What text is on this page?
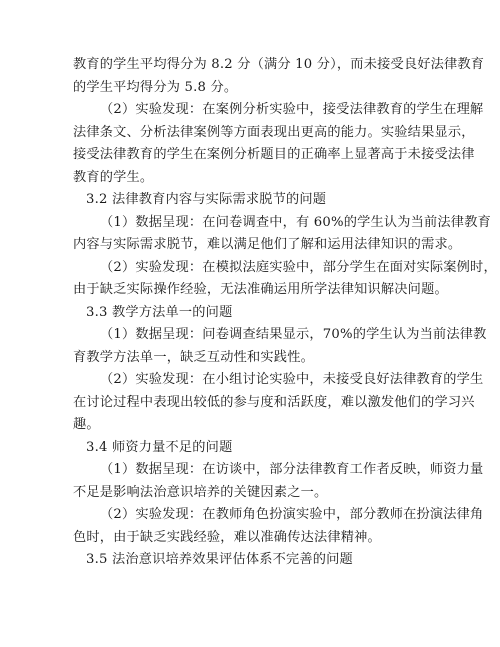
教育的学生平均得分为 8.2 分（满分 10 分），而未接受良好法律教育
的学生平均得分为 5.8 分。
（2）实验发现：在案例分析实验中，接受法律教育的学生在理解
法律条文、分析法律案例等方面表现出更高的能力。实验结果显示，
接受法律教育的学生在案例分析题目的正确率上显著高于未接受法律
教育的学生。
3.2 法律教育内容与实际需求脱节的问题
（1）数据呈现：在问卷调查中，有 60%的学生认为当前法律教育
内容与实际需求脱节，难以满足他们了解和运用法律知识的需求。
（2）实验发现：在模拟法庭实验中，部分学生在面对实际案例时，
由于缺乏实际操作经验，无法准确运用所学法律知识解决问题。
3.3 教学方法单一的问题
（1）数据呈现：问卷调查结果显示，70%的学生认为当前法律教
育教学方法单一，缺乏互动性和实践性。
（2）实验发现：在小组讨论实验中，未接受良好法律教育的学生
在讨论过程中表现出较低的参与度和活跃度，难以激发他们的学习兴
趣。
3.4 师资力量不足的问题
（1）数据呈现：在访谈中，部分法律教育工作者反映，师资力量
不足是影响法治意识培养的关键因素之一。
（2）实验发现：在教师角色扮演实验中，部分教师在扮演法律角
色时，由于缺乏实践经验，难以准确传达法律精神。
3.5 法治意识培养效果评估体系不完善的问题
